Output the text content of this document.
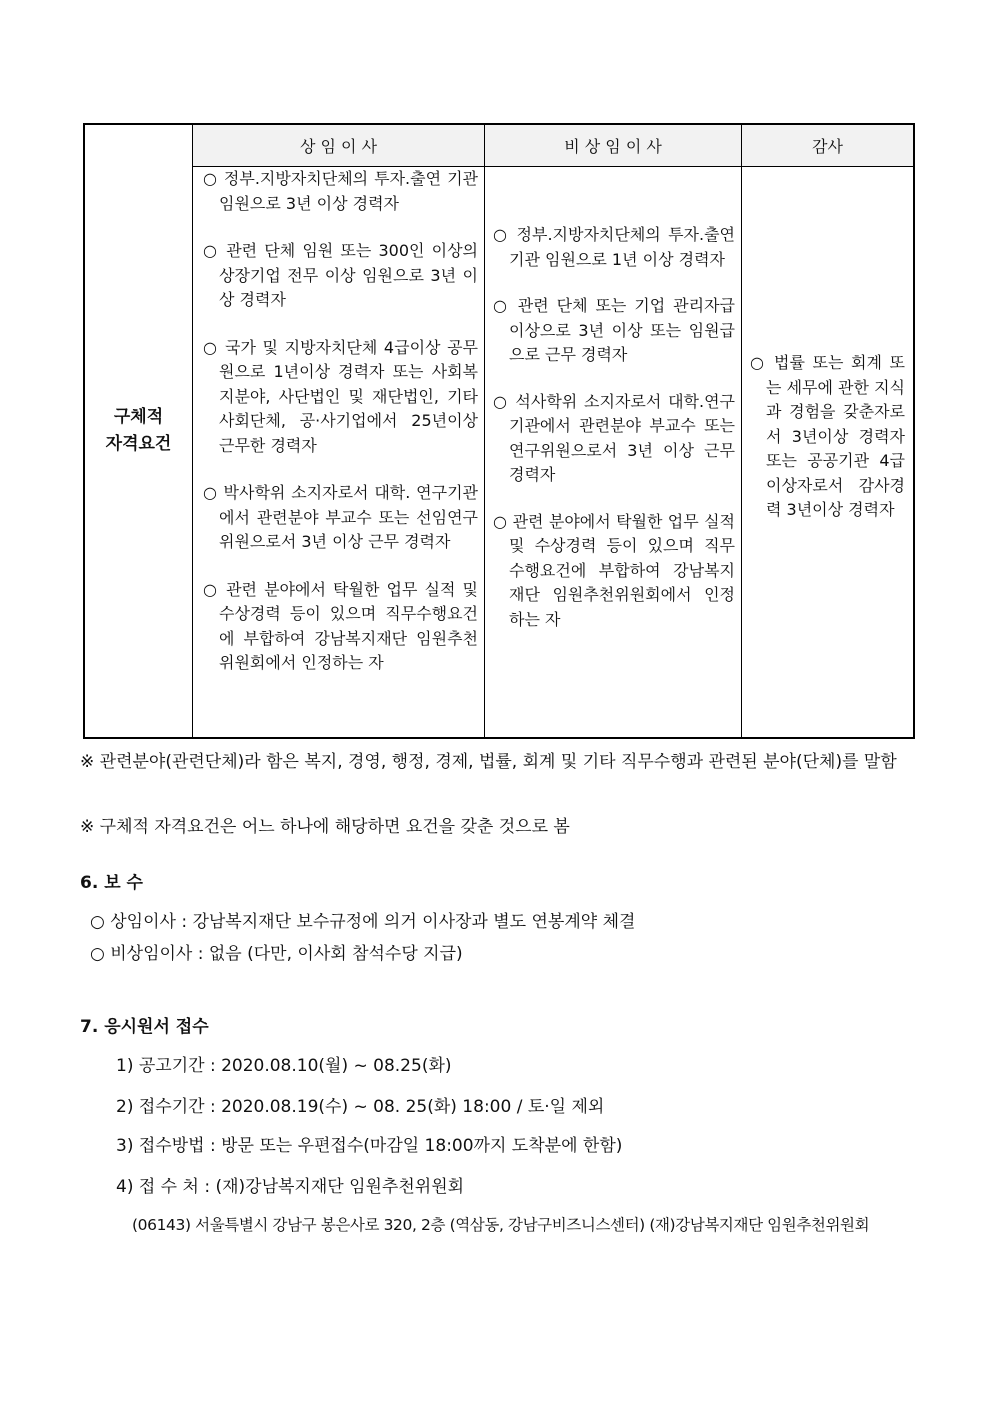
구체적
자격요건
상 임 이 사	비 상 임 이 사	감사
○ 정부.지방자치단체의 투자.출연 기관 임원으로 3년 이상 경력자
○ 관련 단체 임원 또는 300인 이상의 상장기업 전무 이상 임원으로 3년 이상 경력자
○ 국가 및 지방자치단체 4급이상 공무원으로 1년이상 경력자 또는 사회복지분야, 사단법인 및 재단법인, 기타 사회단체, 공·사기업에서 25년이상 근무한 경력자
○ 박사학위 소지자로서 대학. 연구기관에서 관련분야 부교수 또는 선임연구위원으로서 3년 이상 근무 경력자
○ 관련 분야에서 탁월한 업무 실적 및 수상경력 등이 있으며 직무수행요건에 부합하여 강남복지재단 임원추천위원회에서 인정하는 자
○ 정부.지방자치단체의 투자.출연 기관 임원으로 1년 이상 경력자
○ 관련 단체 또는 기업 관리자급 이상으로 3년 이상 또는 임원급으로 근무 경력자
○ 석사학위 소지자로서 대학.연구기관에서 관련분야 부교수 또는 연구위원으로서 3년 이상 근무 경력자
○ 관련 분야에서 탁월한 업무 실적 및 수상경력 등이 있으며 직무 수행요건에 부합하여 강남복지재단 임원추천위원회에서 인정하는 자
○ 법률 또는 회계 또는 세무에 관한 지식과 경험을 갖춘자로서 3년이상 경력자 또는 공공기관 4급이상자로서 감사경력 3년이상 경력자
※ 관련분야(관련단체)라 함은 복지, 경영, 행정, 경제, 법률, 회계 및 기타 직무수행과 관련된 분야(단체)를 말함
※ 구체적 자격요건은 어느 하나에 해당하면 요건을 갖춘 것으로 봄
6. 보 수
○ 상임이사 : 강남복지재단 보수규정에 의거 이사장과 별도 연봉계약 체결
○ 비상임이사 : 없음 (다만, 이사회 참석수당 지급)
7. 응시원서 접수
1) 공고기간 : 2020.08.10(월) ~ 08.25(화)
2) 접수기간 : 2020.08.19(수) ~ 08. 25(화) 18:00 / 토·일 제외
3) 접수방법 : 방문 또는 우편접수(마감일 18:00까지 도착분에 한함)
4) 접 수 처 : (재)강남복지재단 임원추천위원회
(06143) 서울특별시 강남구 봉은사로 320, 2층 (역삼동, 강남구비즈니스센터) (재)강남복지재단 임원추천위원회
